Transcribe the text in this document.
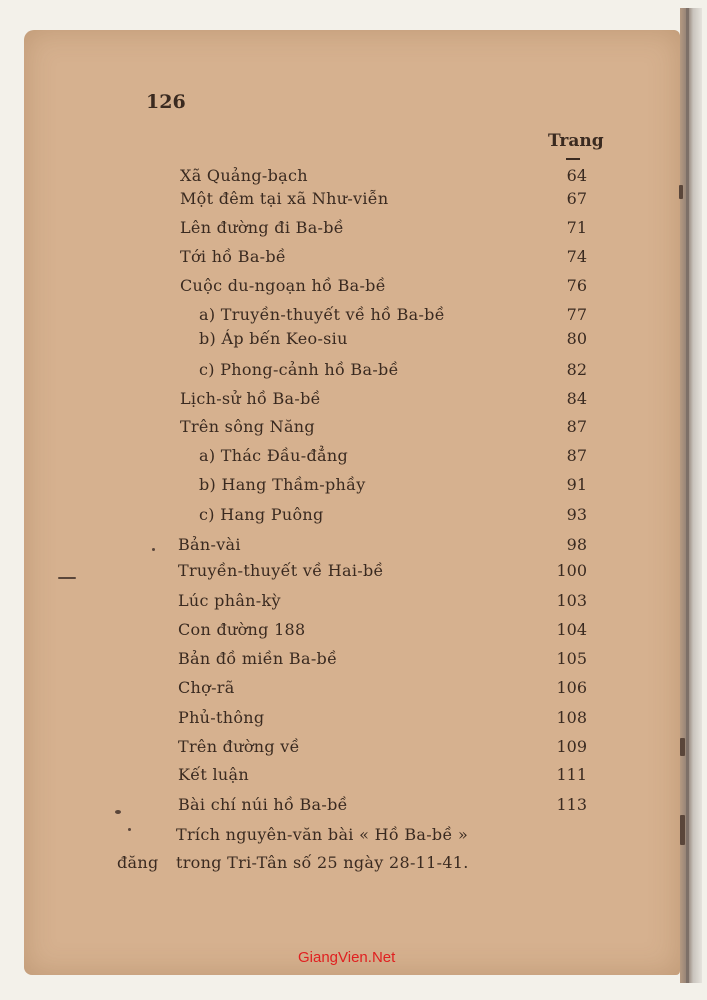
126
Trang
Xã Quảng-bạch	64
Một đêm tại xã Như-viễn	67
Lên đường đi Ba-bề	71
Tới hồ Ba-bề	74
Cuộc du-ngoạn hồ Ba-bề	76
a) Truyền-thuyết về hồ Ba-bề	77
b) Áp bến Keo-siu	80
c) Phong-cảnh hồ Ba-bề	82
Lịch-sử hồ Ba-bề	84
Trên sông Năng	87
a) Thác Đầu-đẳng	87
b) Hang Thầm-phầy	91
c) Hang Puông	93
Bản-vài	98
Truyền-thuyết về Hai-bề	100
Lúc phân-kỳ	103
Con đường 188	104
Bản đồ miền Ba-bề	105
Chợ-rã	106
Phủ-thông	108
Trên đường về	109
Kết luận	111
Bài chí núi hồ Ba-bề	113
Trích nguyên-văn bài « Hồ Ba-bề »
đăng trong Tri-Tân số 25 ngày 28-11-41.
GiangVien.Net
